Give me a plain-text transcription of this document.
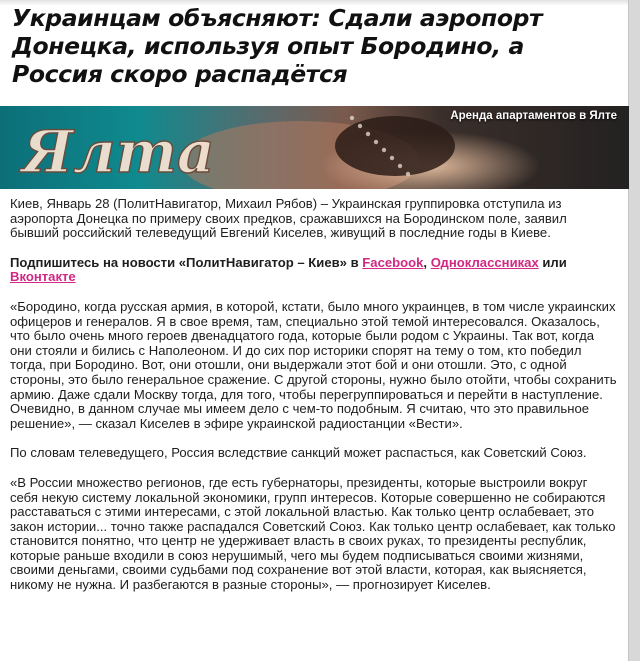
Украинцам объясняют: Сдали аэропорт Донецка, используя опыт Бородино, а Россия скоро распадётся
Ялта
Аренда апартаментов в Ялте

Киев, Январь 28 (ПолитНавигатор, Михаил Рябов) – Украинская группировка отступила из аэропорта Донецка по примеру своих предков, сражавшихся на Бородинском поле, заявил бывший российский телеведущий Евгений Киселев, живущий в последние годы в Киеве.

Подпишитесь на новости «ПолитНавигатор – Киев» в Facebook, Одноклассниках или Вконтакте

«Бородино, когда русская армия, в которой, кстати, было много украинцев, в том числе украинских офицеров и генералов. Я в свое время, там, специально этой темой интересовался. Оказалось, что было очень много героев двенадцатого года, которые были родом с Украины. Так вот, когда они стояли и бились с Наполеоном. И до сих пор историки спорят на тему о том, кто победил тогда, при Бородино. Вот, они отошли, они выдержали этот бой и они отошли. Это, с одной стороны, это было генеральное сражение. С другой стороны, нужно было отойти, чтобы сохранить армию. Даже сдали Москву тогда, для того, чтобы перегруппироваться и перейти в наступление. Очевидно, в данном случае мы имеем дело с чем-то подобным. Я считаю, что это правильное решение», — сказал Киселев в эфире украинской радиостанции «Вести».

По словам телеведущего, Россия вследствие санкций может распасться, как Советский Союз.

«В России множество регионов, где есть губернаторы, президенты, которые выстроили вокруг себя некую систему локальной экономики, групп интересов. Которые совершенно не собираются расставаться с этими интересами, с этой локальной властью. Как только центр ослабевает, это закон истории... точно также распадался Советский Союз. Как только центр ослабевает, как только становится понятно, что центр не удерживает власть в своих руках, то президенты республик, которые раньше входили в союз нерушимый, чего мы будем подписываться своими жизнями, своими деньгами, своими судьбами под сохранение вот этой власти, которая, как выясняется, никому не нужна. И разбегаются в разные стороны», — прогнозирует Киселев.
